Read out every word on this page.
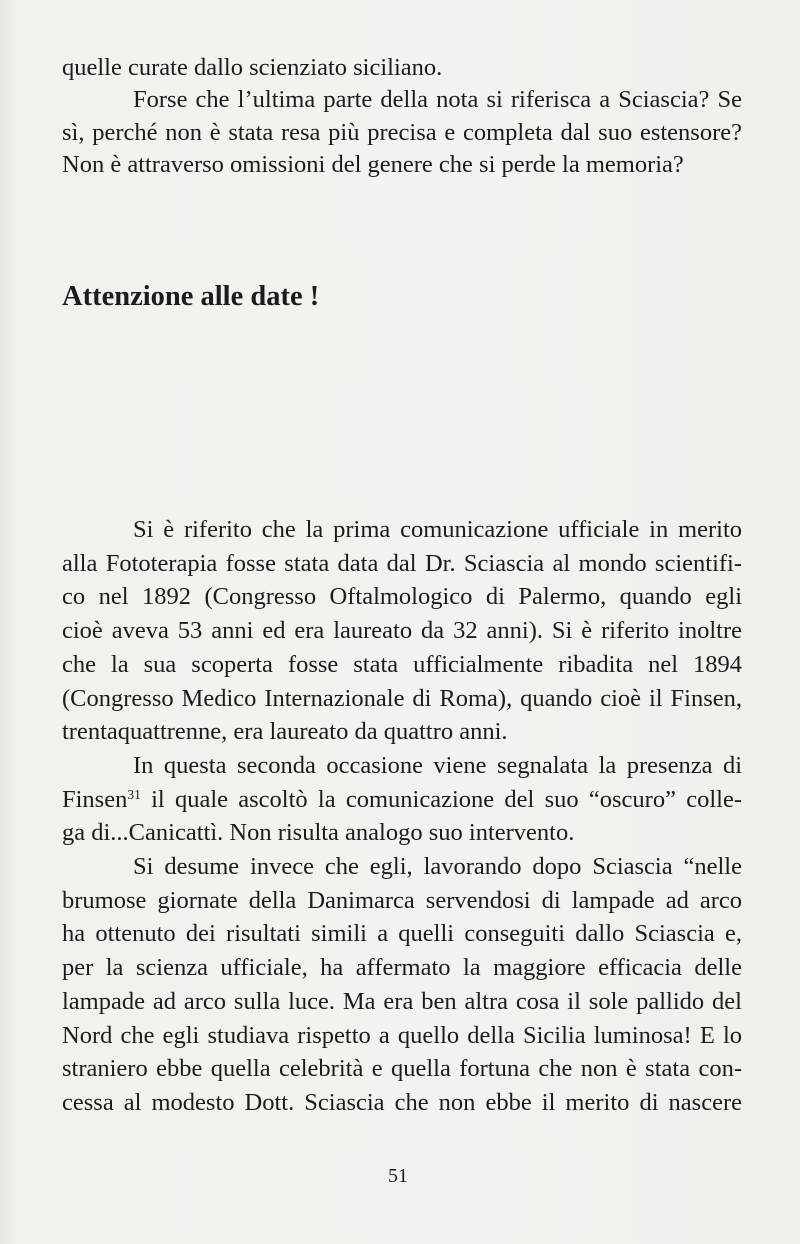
quelle curate dallo scienziato siciliano.
Forse che l’ultima parte della nota si riferisca a Sciascia? Se
sì, perché non è stata resa più precisa e completa dal suo estensore?
Non è attraverso omissioni del genere che si perde la memoria?
Attenzione alle date !
Si è riferito che la prima comunicazione ufficiale in merito
alla Fototerapia fosse stata data dal Dr. Sciascia al mondo scientifi-
co nel 1892 (Congresso Oftalmologico di Palermo, quando egli
cioè aveva 53 anni ed era laureato da 32 anni). Si è riferito inoltre
che la sua scoperta fosse stata ufficialmente ribadita nel 1894
(Congresso Medico Internazionale di Roma), quando cioè il Finsen,
trentaquattrenne, era laureato da quattro anni.
In questa seconda occasione viene segnalata la presenza di
Finsen$^{31}$ il quale ascoltò la comunicazione del suo “oscuro” colle-
ga di...Canicattì. Non risulta analogo suo intervento.
Si desume invece che egli, lavorando dopo Sciascia “nelle
brumose giornate della Danimarca servendosi di lampade ad arco
ha ottenuto dei risultati simili a quelli conseguiti dallo Sciascia e,
per la scienza ufficiale, ha affermato la maggiore efficacia delle
lampade ad arco sulla luce. Ma era ben altra cosa il sole pallido del
Nord che egli studiava rispetto a quello della Sicilia luminosa! E lo
straniero ebbe quella celebrità e quella fortuna che non è stata con-
cessa al modesto Dott. Sciascia che non ebbe il merito di nascere
51
